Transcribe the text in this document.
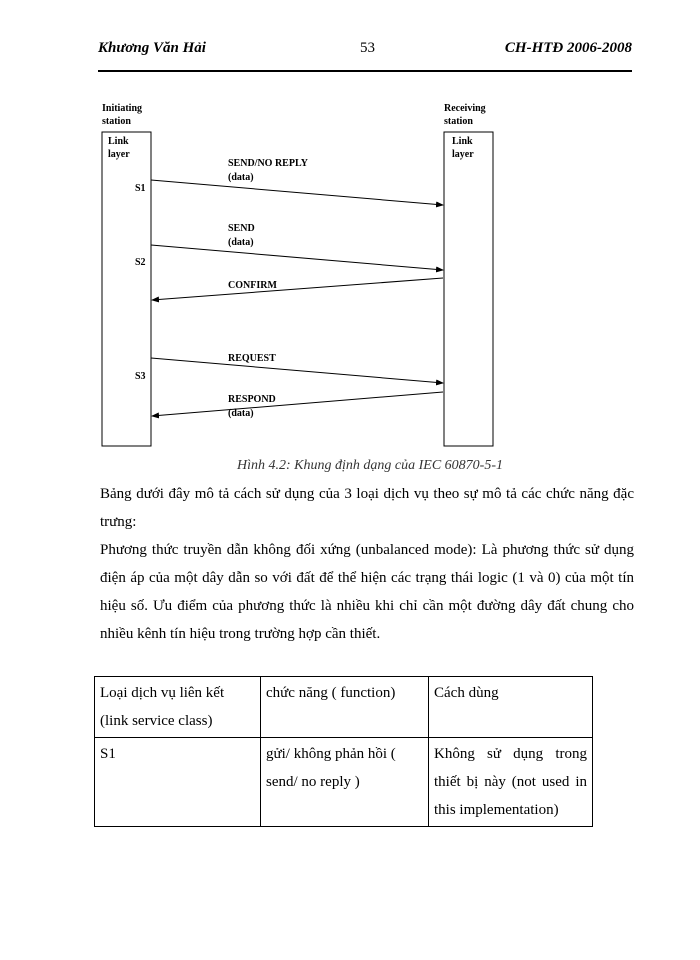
Khương Văn Hải	53	CH-HTĐ 2006-2008
Initiating
station
Receiving
station
Link
layer
Link
layer
S1
S2
S3
SEND/NO REPLY
(data)
SEND
(data)
CONFIRM
REQUEST
RESPOND
(data)
Hình 4.2: Khung định dạng của IEC 60870-5-1

Bảng dưới đây mô tả cách sử dụng của 3 loại dịch vụ theo sự mô tả các chức năng đặc trưng:

Phương thức truyền dẫn không đối xứng (unbalanced mode): Là phương thức sử dụng điện áp của một dây dẫn so với đất để thể hiện các trạng thái logic (1 và 0) của một tín hiệu số. Ưu điểm của phương thức là nhiều khi chỉ cần một đường dây đất chung cho nhiều kênh tín hiệu trong trường hợp cần thiết.

Loại dịch vụ liên kết (link service class)	chức năng ( function)	Cách dùng
S1	gửi/ không phản hồi ( send/ no reply )	Không sử dụng trong thiết bị này (not used in this implementation)
